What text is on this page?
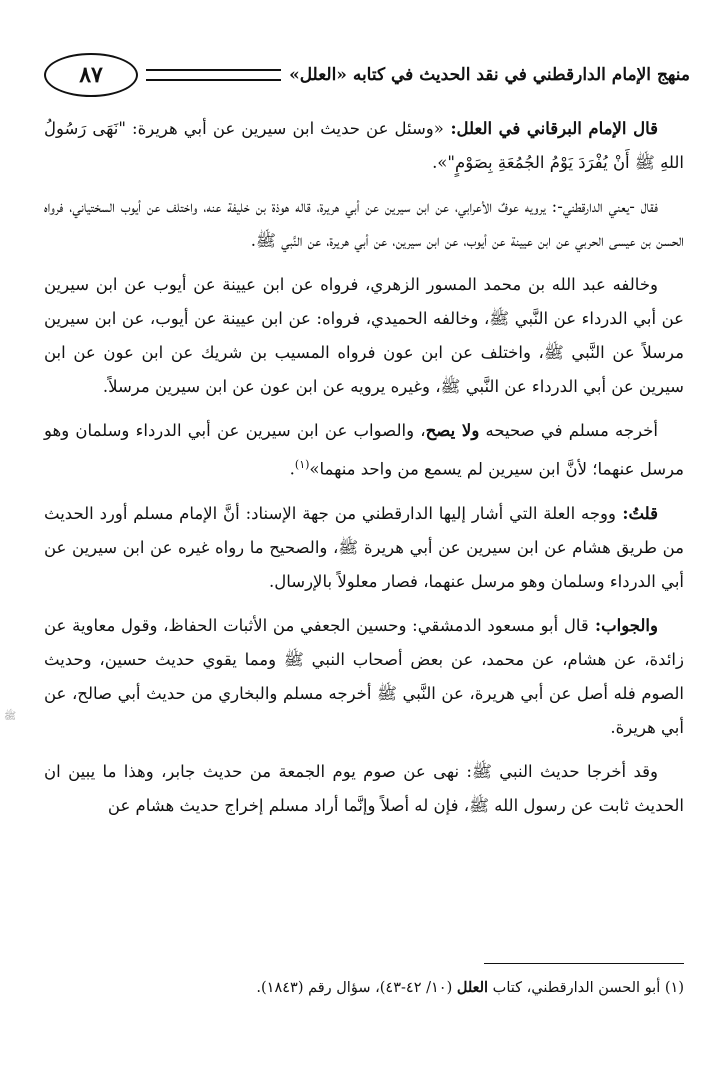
منهج الإمام الدارقطني في نقد الحديث في كتابه «العلل»
٨٧

قال الإمام البرقاني في العلل: «وسئل عن حديث ابن سيرين عن أبي هريرة: "نَهَى رَسُولُ اللهِ ﷺ أَنْ يُفْرَدَ يَوْمُ الجُمُعَةِ بِصَوْمٍ"».

فقال -يعني الدارقطني-: يرويه عوفٌ الأعرابي، عن ابن سيرين عن أبي هريرة، قاله هوذة بن خليفة عنه، واختلف عن أيوب السختياني، فرواه الحسن بن عيسى الحربي عن ابن عيينة عن أيوب، عن ابن سيرين، عن أبي هريرة، عن النَّبي ﷺ.

وخالفه عبد الله بن محمد المسور الزهري، فرواه عن ابن عيينة عن أيوب عن ابن سيرين عن أبي الدرداء عن النَّبي ﷺ، وخالفه الحميدي، فرواه: عن ابن عيينة عن أيوب، عن ابن سيرين مرسلاً عن النَّبي ﷺ، واختلف عن ابن عون فرواه المسيب بن شريك عن ابن عون عن ابن سيرين عن أبي الدرداء عن النَّبي ﷺ، وغيره يرويه عن ابن عون عن ابن سيرين مرسلاً.

أخرجه مسلم في صحيحه ولا يصح، والصواب عن ابن سيرين عن أبي الدرداء وسلمان وهو مرسل عنهما؛ لأنَّ ابن سيرين لم يسمع من واحد منهما»$^{(١)}$.

قلتُ: ووجه العلة التي أشار إليها الدارقطني من جهة الإسناد: أنَّ الإمام مسلم أورد الحديث من طريق هشام عن ابن سيرين عن أبي هريرة ﷺ، والصحيح ما رواه غيره عن ابن سيرين عن أبي الدرداء وسلمان وهو مرسل عنهما، فصار معلولاً بالإرسال.

والجواب: قال أبو مسعود الدمشقي: وحسين الجعفي من الأثبات الحفاظ، وقول معاوية عن زائدة، عن هشام، عن محمد، عن بعض أصحاب النبي ﷺ ومما يقوي حديث حسين، وحديث الصوم فله أصل عن أبي هريرة، عن النَّبي ﷺ أخرجه مسلم والبخاري من حديث أبي صالح، عن أبي هريرة.

وقد أخرجا حديث النبي ﷺ: نهى عن صوم يوم الجمعة من حديث جابر، وهذا ما يبين ان الحديث ثابت عن رسول الله ﷺ، فإن له أصلاً وإنَّما أراد مسلم إخراج حديث هشام عن

(١) أبو الحسن الدارقطني، كتاب العلل (١٠/ ٤٢-٤٣)، سؤال رقم (١٨٤٣).
ﷺ
